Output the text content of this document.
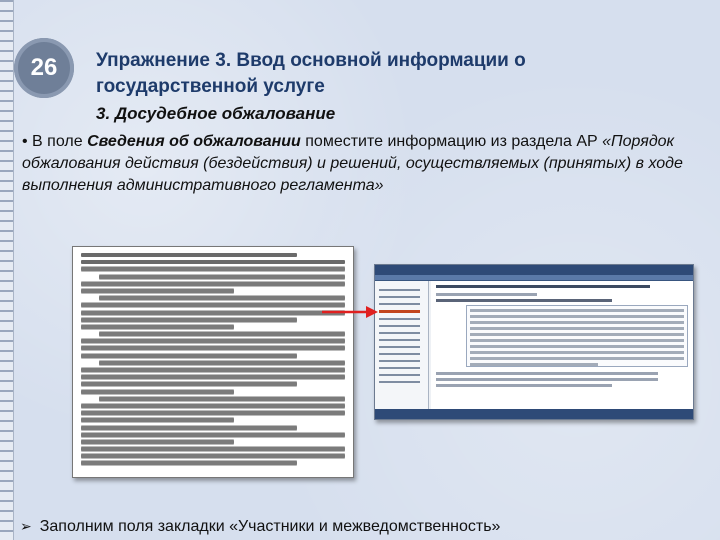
26 Упражнение 3. Ввод основной информации о государственной услуге
3. Досудебное обжалование
• В поле Сведения об обжаловании поместите информацию из раздела АР «Порядок обжалования действия (бездействия) и решений, осуществляемых (принятых) в ходе выполнения административного регламента»
➢ Заполним поля закладки «Участники и межведомственность»
